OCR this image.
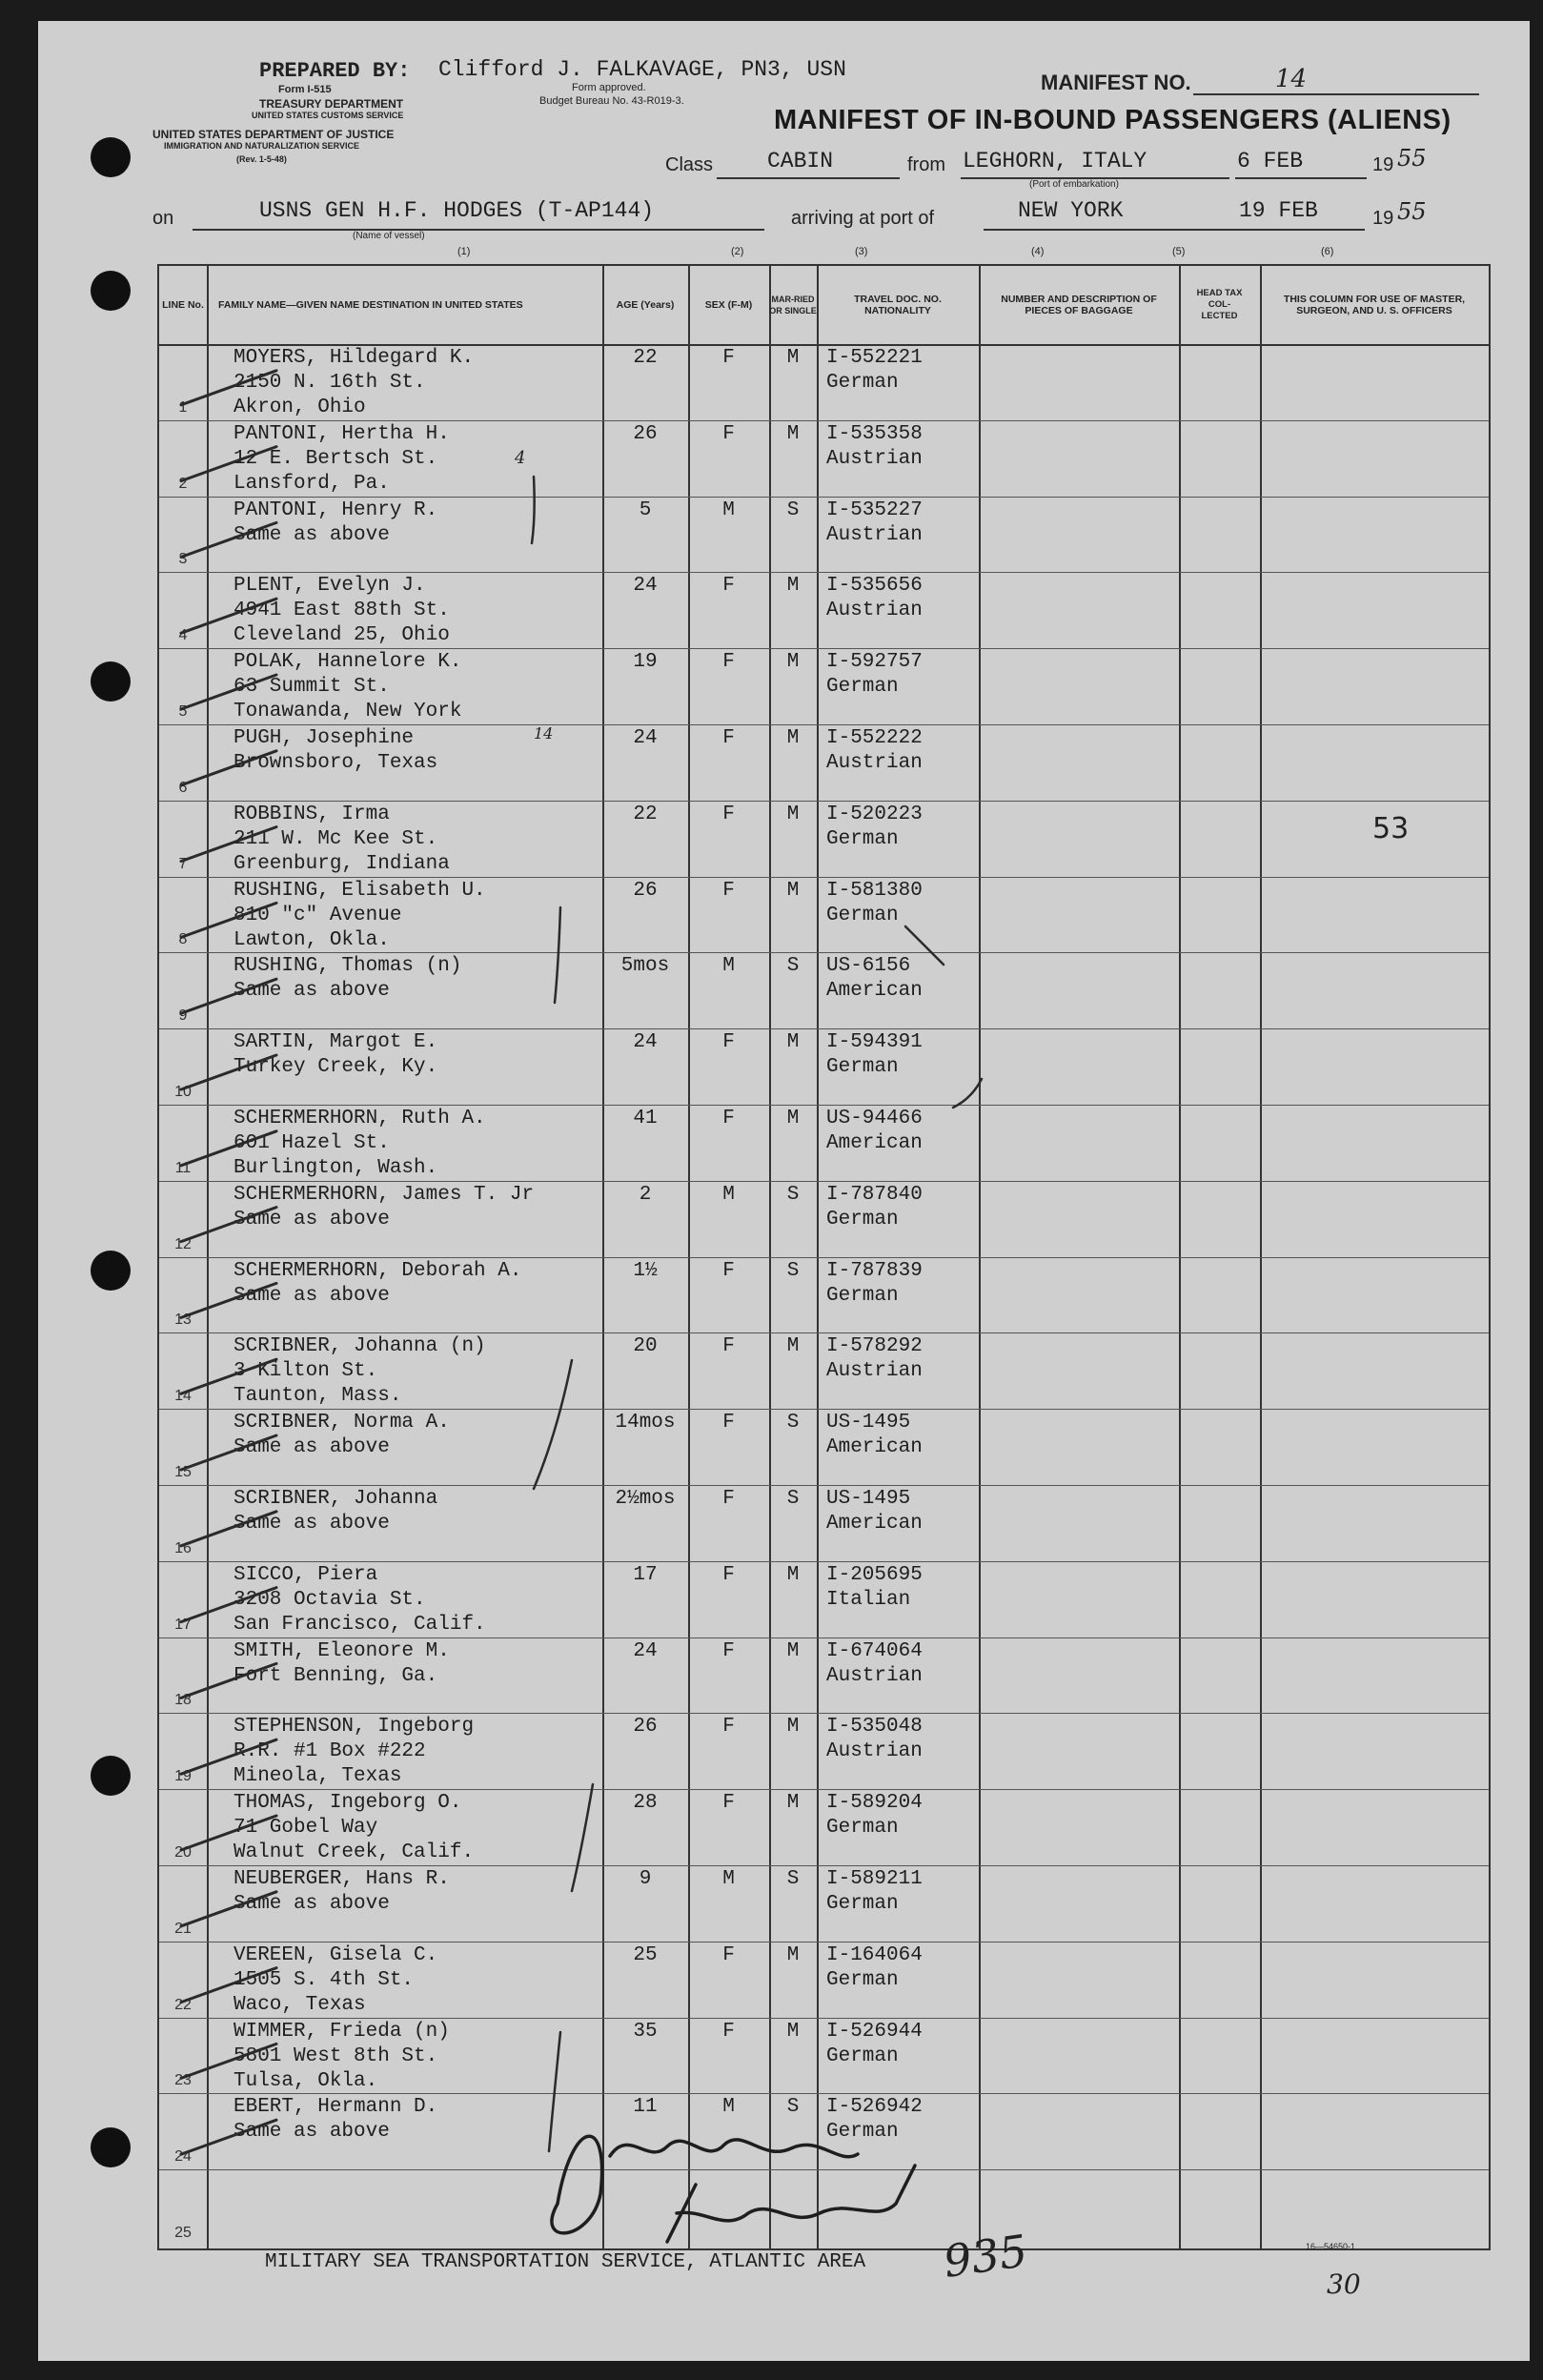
PREPARED BY: Clifford J. FALKAVAGE, PN3, USN
Form I-515	Form approved.
TREASURY DEPARTMENT
UNITED STATES CUSTOMS SERVICE
Budget Bureau No. 43-R019-3.
UNITED STATES DEPARTMENT OF JUSTICE
IMMIGRATION AND NATURALIZATION SERVICE
(Rev. 1-5-48)
MANIFEST NO.	14
MANIFEST OF IN-BOUND PASSENGERS (ALIENS)
Class CABIN	from LEGHORN, ITALY
(Port of embarkation)
6 FEB	19 55
on	USNS GEN H.F. HODGES (T-AP144)
(Name of vessel)
arriving at port of	NEW YORK	19 FEB	19 55
(1)	(2)	(3)	(4)	(5)	(6)
LINE No.	FAMILY NAME—GIVEN NAME DESTINATION IN UNITED STATES	AGE (Years)	SEX (F-M)	MAR-RIED OR SINGLE
TRAVEL DOC. NO. NATIONALITY
NUMBER AND DESCRIPTION OF PIECES OF BAGGAGE
HEAD TAX COL-LECTED
THIS COLUMN FOR USE OF MASTER, SURGEON, AND U. S. OFFICERS
1
MOYERS, Hildegard K.
2150 N. 16th St.
Akron, Ohio
22	F	M	I-552221
German
2
PANTONI, Hertha H.
12 E. Bertsch St.
Lansford, Pa.
26	F	M	I-535358
Austrian
3
PANTONI, Henry R.
Same as above
5	M	S	I-535227
Austrian
4
PLENT, Evelyn J.
4941 East 88th St.
Cleveland 25, Ohio
24	F	M	I-535656
Austrian
5
POLAK, Hannelore K.
63 Summit St.
Tonawanda, New York
19	F	M	I-592757
German
6
PUGH, Josephine
Brownsboro, Texas
24	F	M	I-552222
Austrian
7
ROBBINS, Irma
211 W. Mc Kee St.
Greenburg, Indiana
22	F	M	I-520223
German
8
RUSHING, Elisabeth U.
810 "c" Avenue
Lawton, Okla.
26	F	M	I-581380
German
9
RUSHING, Thomas (n)
Same as above
5mos	M	S	US-6156
American
10
SARTIN, Margot E.
Turkey Creek, Ky.
24	F	M	I-594391
German
11
SCHERMERHORN, Ruth A.
601 Hazel St.
Burlington, Wash.
41	F	M	US-94466
American
12
SCHERMERHORN, James T. Jr
Same as above
2	M	S	I-787840
German
13
SCHERMERHORN, Deborah A.
Same as above
1½	F	S	I-787839
German
14
SCRIBNER, Johanna (n)
3 Kilton St.
Taunton, Mass.
20	F	M	I-578292
Austrian
15
SCRIBNER, Norma A.
Same as above
14mos	F	S	US-1495
American
16
SCRIBNER, Johanna
Same as above
2½mos	F	S	US-1495
American
17
SICCO, Piera
3208 Octavia St.
San Francisco, Calif.
17	F	M	I-205695
Italian
18
SMITH, Eleonore M.
Fort Benning, Ga.
24	F	M	I-674064
Austrian
19
STEPHENSON, Ingeborg
R.R. #1 Box #222
Mineola, Texas
26	F	M	I-535048
Austrian
20
THOMAS, Ingeborg O.
71 Gobel Way
Walnut Creek, Calif.
28	F	M	I-589204
German
21
NEUBERGER, Hans R.
Same as above
9	M	S	I-589211
German
22
VEREEN, Gisela C.
1505 S. 4th St.
Waco, Texas
25	F	M	I-164064
German
23
WIMMER, Frieda (n)
5801 West 8th St.
Tulsa, Okla.
35	F	M	I-526944
German
24
EBERT, Hermann D.
Same as above
11	M	S	I-526942
German
25
53
14
4
935	30
MILITARY SEA TRANSPORTATION SERVICE, ATLANTIC AREA
16—54650-1
